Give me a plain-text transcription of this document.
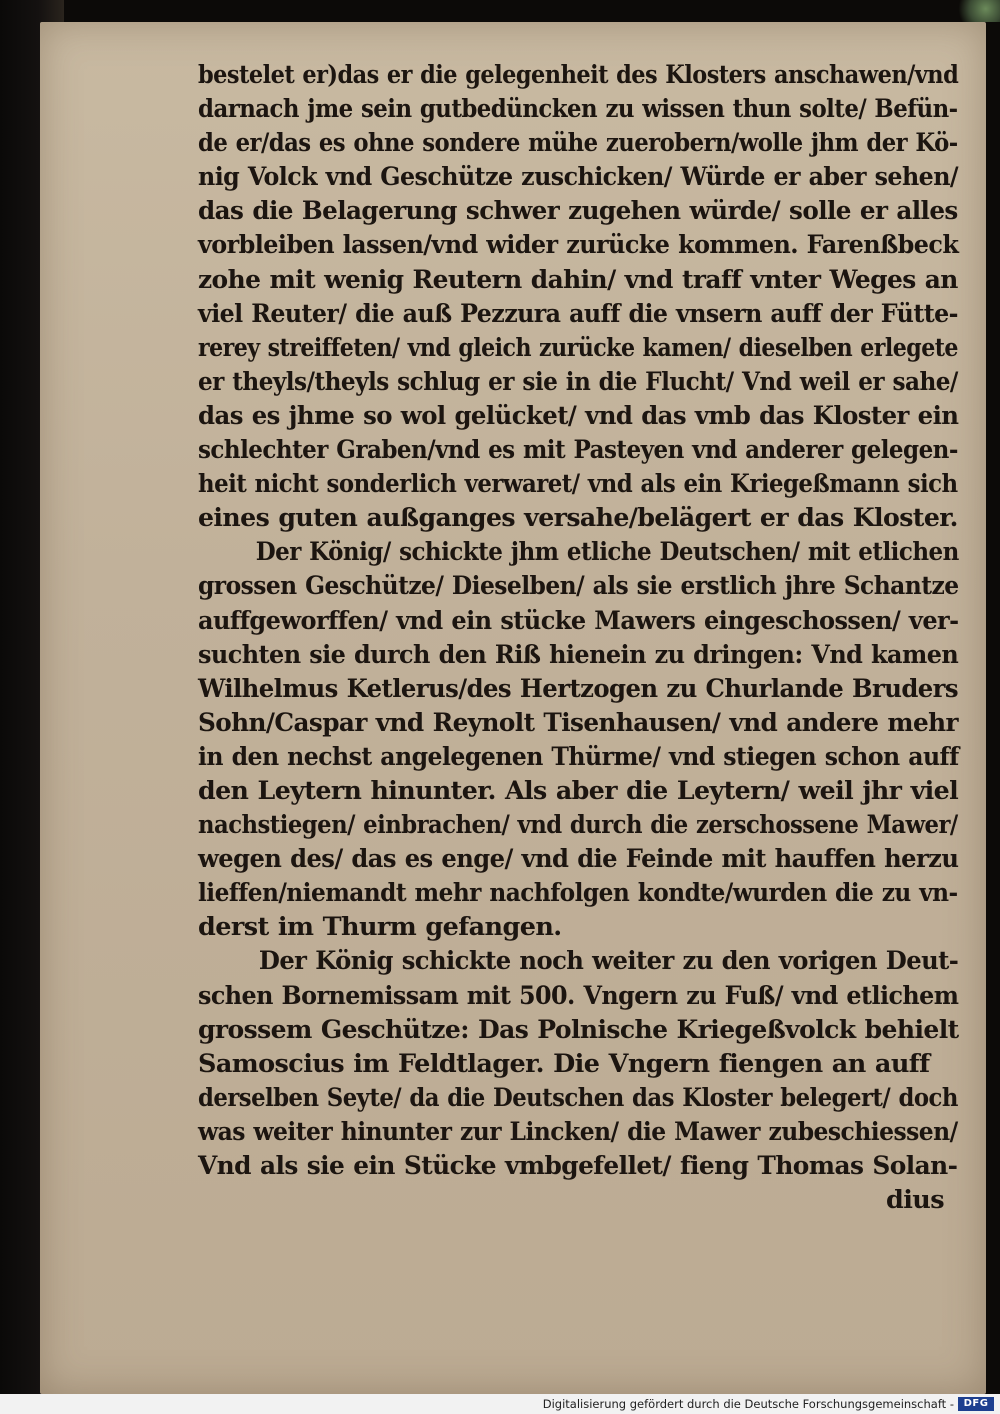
bestelet er)das er die gelegenheit des Klosters anschawen/vnd
darnach jme sein gutbedüncken zu wissen thun solte/ Befün-
de er/das es ohne sondere mühe zuerobern/wolle jhm der Kö-
nig Volck vnd Geschütze zuschicken/ Würde er aber sehen/
das die Belagerung schwer zugehen würde/ solle er alles
vorbleiben lassen/vnd wider zurücke kommen. Farenßbeck
zohe mit wenig Reutern dahin/ vnd traff vnter Weges an
viel Reuter/ die auß Pezzura auff die vnsern auff der Fütte-
rerey streiffeten/ vnd gleich zurücke kamen/ dieselben erlegete
er theyls/theyls schlug er sie in die Flucht/ Vnd weil er sahe/
das es jhme so wol gelücket/ vnd das vmb das Kloster ein
schlechter Graben/vnd es mit Pasteyen vnd anderer gelegen-
heit nicht sonderlich verwaret/ vnd als ein Kriegeßmann sich
eines guten außganges versahe/belägert er das Kloster.
Der König/ schickte jhm etliche Deutschen/ mit etlichen
grossen Geschütze/ Dieselben/ als sie erstlich jhre Schantze
auffgeworffen/ vnd ein stücke Mawers eingeschossen/ ver-
suchten sie durch den Riß hienein zu dringen: Vnd kamen
Wilhelmus Ketlerus/des Hertzogen zu Churlande Bruders
Sohn/Caspar vnd Reynolt Tisenhausen/ vnd andere mehr
in den nechst angelegenen Thürme/ vnd stiegen schon auff
den Leytern hinunter. Als aber die Leytern/ weil jhr viel
nachstiegen/ einbrachen/ vnd durch die zerschossene Mawer/
wegen des/ das es enge/ vnd die Feinde mit hauffen herzu
lieffen/niemandt mehr nachfolgen kondte/wurden die zu vn-
derst im Thurm gefangen.
Der König schickte noch weiter zu den vorigen Deut-
schen Bornemissam mit 500. Vngern zu Fuß/ vnd etlichem
grossem Geschütze: Das Polnische Kriegeßvolck behielt
Samoscius im Feldtlager. Die Vngern fiengen an auff
derselben Seyte/ da die Deutschen das Kloster belegert/ doch
was weiter hinunter zur Lincken/ die Mawer zubeschiessen/
Vnd als sie ein Stücke vmbgefellet/ fieng Thomas Solan-
dius
Digitalisierung gefördert durch die Deutsche Forschungsgemeinschaft - DFG
